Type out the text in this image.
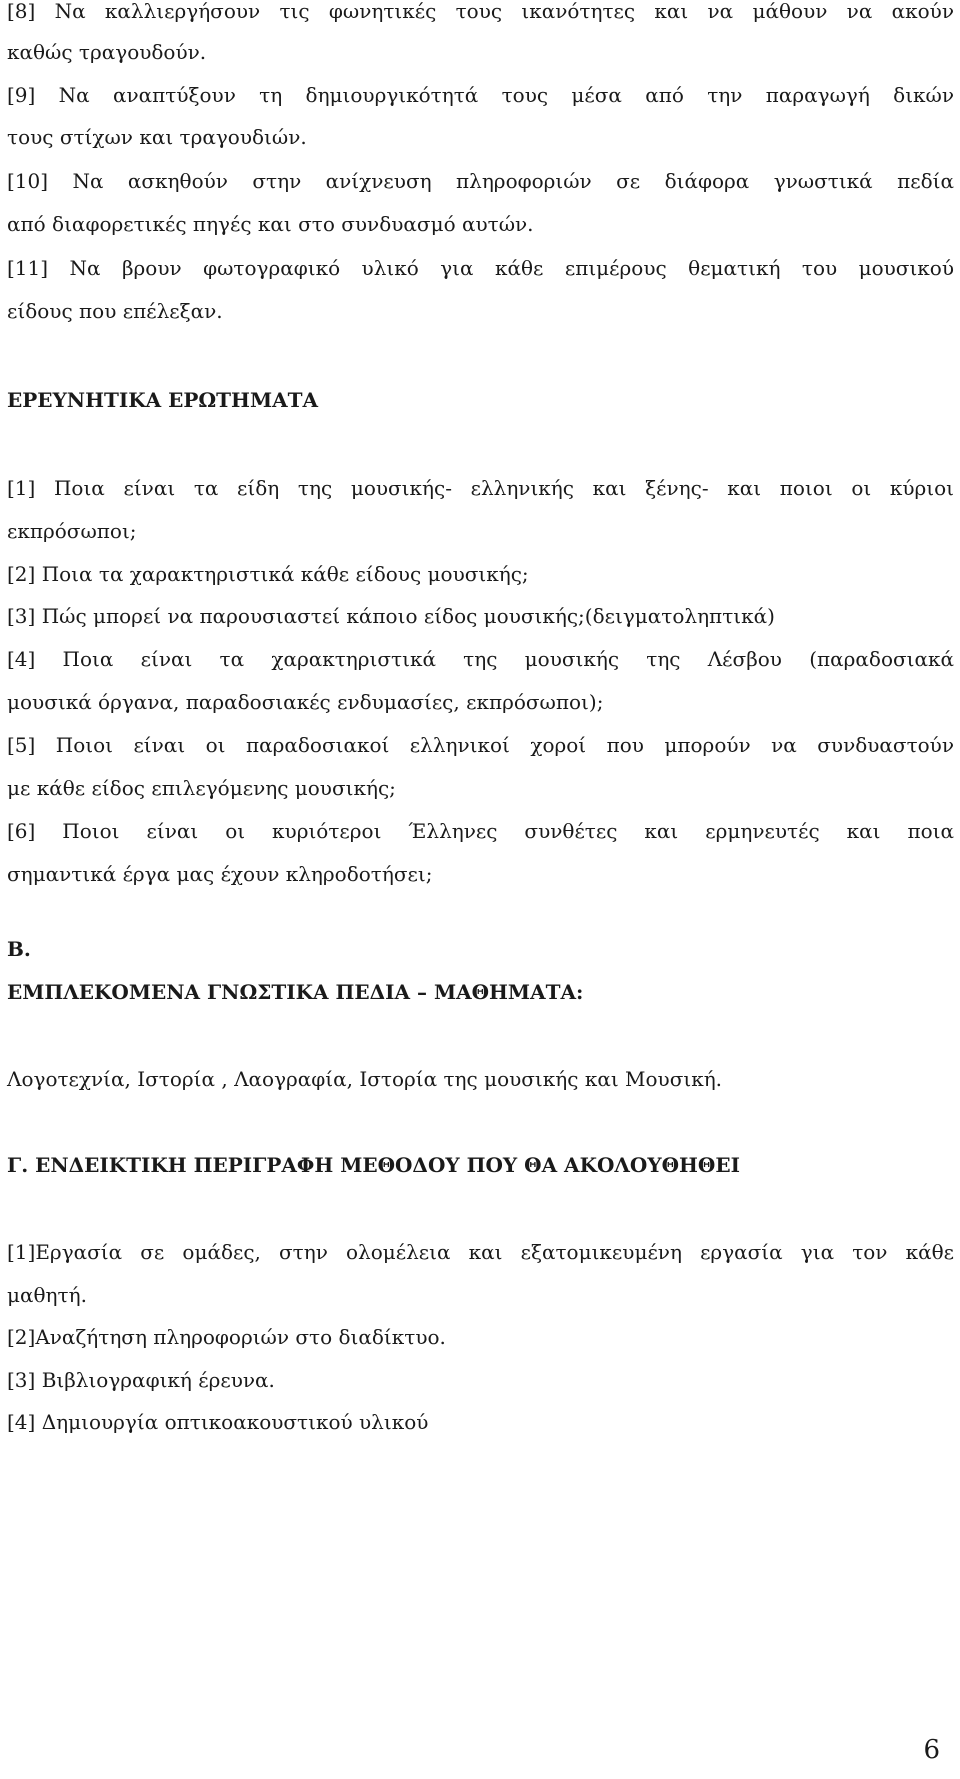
[8] Να καλλιεργήσουν τις φωνητικές τους ικανότητες και να μάθουν να ακούν
καθώς τραγουδούν.
[9] Να αναπτύξουν τη δημιουργικότητά τους μέσα από την παραγωγή δικών
τους στίχων και τραγουδιών.
[10] Να ασκηθούν στην ανίχνευση πληροφοριών σε διάφορα γνωστικά πεδία
από διαφορετικές πηγές και στο συνδυασμό αυτών.
[11] Να βρουν φωτογραφικό υλικό για κάθε επιμέρους θεματική του μουσικού
είδους που επέλεξαν.
ΕΡΕΥΝΗΤΙΚΑ ΕΡΩΤΗΜΑΤΑ
[1] Ποια είναι τα είδη της μουσικής- ελληνικής και ξένης- και ποιοι οι κύριοι
εκπρόσωποι;
[2] Ποια τα χαρακτηριστικά κάθε είδους μουσικής;
[3] Πώς μπορεί να παρουσιαστεί κάποιο είδος μουσικής;(δειγματοληπτικά)
[4] Ποια είναι τα χαρακτηριστικά της μουσικής της Λέσβου (παραδοσιακά
μουσικά όργανα, παραδοσιακές ενδυμασίες, εκπρόσωποι);
[5] Ποιοι είναι οι παραδοσιακοί ελληνικοί χοροί που μπορούν να συνδυαστούν
με κάθε είδος επιλεγόμενης μουσικής;
[6] Ποιοι είναι οι κυριότεροι Έλληνες συνθέτες και ερμηνευτές και ποια
σημαντικά έργα μας έχουν κληροδοτήσει;
Β.
ΕΜΠΛΕΚΟΜΕΝΑ ΓΝΩΣΤΙΚΑ ΠΕΔΙΑ – ΜΑΘΗΜΑΤΑ:
Λογοτεχνία, Ιστορία , Λαογραφία, Ιστορία της μουσικής και Μουσική.
Γ. ΕΝΔΕΙΚΤΙΚΗ ΠΕΡΙΓΡΑΦΗ ΜΕΘΟΔΟΥ ΠΟΥ ΘΑ ΑΚΟΛΟΥΘΗΘΕΙ
[1]Εργασία σε ομάδες, στην ολομέλεια και εξατομικευμένη εργασία για τον κάθε
μαθητή.
[2]Αναζήτηση πληροφοριών στο διαδίκτυο.
[3] Βιβλιογραφική έρευνα.
[4] Δημιουργία οπτικοακουστικού υλικού
6
